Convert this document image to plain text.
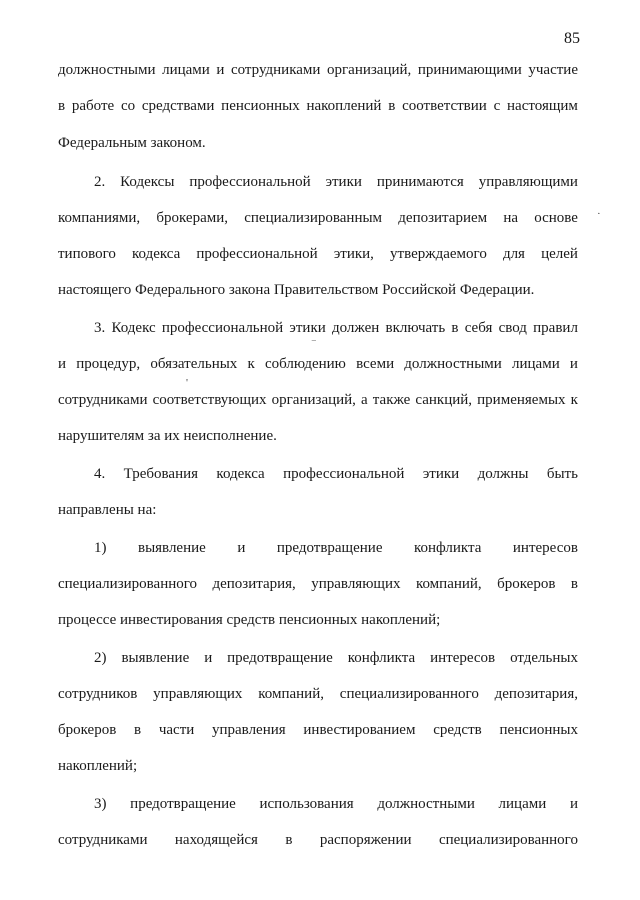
85
должностными лицами и сотрудниками организаций, принимающими участие
в работе со средствами пенсионных накоплений в соответствии с настоящим
Федеральным законом.
2. Кодексы профессиональной этики принимаются управляющими
компаниями, брокерами, специализированным депозитарием на основе
типового кодекса профессиональной этики, утверждаемого для целей
настоящего Федерального закона Правительством Российской Федерации.
3. Кодекс профессиональной этики должен включать в себя свод правил
и процедур, обязательных к соблюдению всеми должностными лицами и
сотрудниками соответствующих организаций, а также санкций, применяемых к
нарушителям за их неисполнение.
4. Требования кодекса профессиональной этики должны быть
направлены на:
1) выявление и предотвращение конфликта интересов
специализированного депозитария, управляющих компаний, брокеров в
процессе инвестирования средств пенсионных накоплений;
2) выявление и предотвращение конфликта интересов отдельных
сотрудников управляющих компаний, специализированного депозитария,
брокеров в части управления инвестированием средств пенсионных
накоплений;
3) предотвращение использования должностными лицами и
сотрудниками находящейся в распоряжении специализированного
‾
'
·
